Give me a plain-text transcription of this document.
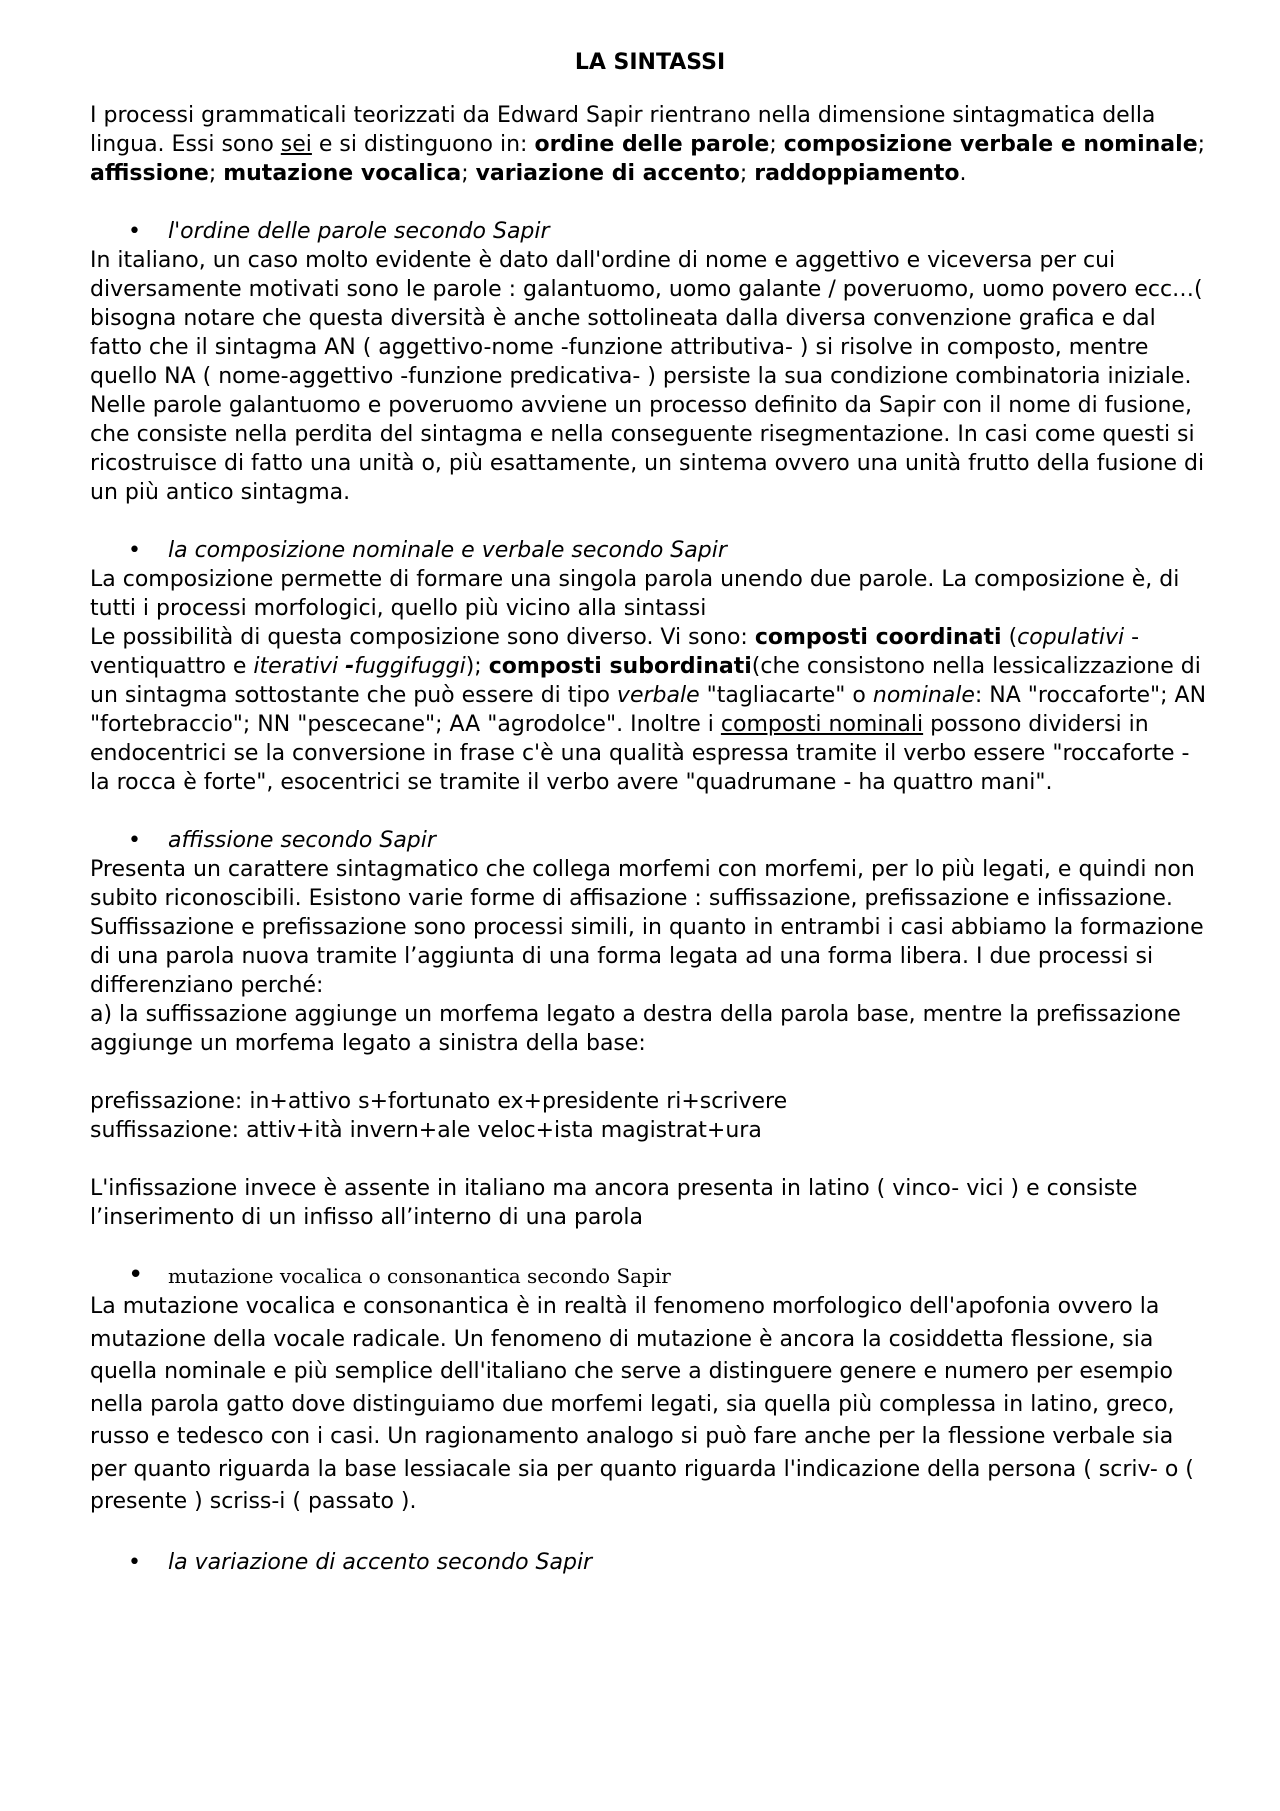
LA SINTASSI

I processi grammaticali teorizzati da Edward Sapir rientrano nella dimensione sintagmatica della lingua. Essi sono sei e si distinguono in: ordine delle parole; composizione verbale e nominale; affissione; mutazione vocalica; variazione di accento; raddoppiamento.

•	l'ordine delle parole secondo Sapir

In italiano, un caso molto evidente è dato dall'ordine di nome e aggettivo e viceversa per cui diversamente motivati sono le parole : galantuomo, uomo galante / poveruomo, uomo povero ecc…( bisogna notare che questa diversità è anche sottolineata dalla diversa convenzione grafica e dal fatto che il sintagma AN ( aggettivo-nome -funzione attributiva- ) si risolve in composto, mentre quello NA ( nome-aggettivo -funzione predicativa- ) persiste la sua condizione combinatoria iniziale. Nelle parole galantuomo e poveruomo avviene un processo definito da Sapir con il nome di fusione, che consiste nella perdita del sintagma e nella conseguente risegmentazione. In casi come questi si ricostruisce di fatto una unità o, più esattamente, un sintema ovvero una unità frutto della fusione di un più antico sintagma.

•	la composizione nominale e verbale secondo Sapir

La composizione permette di formare una singola parola unendo due parole. La composizione è, di tutti i processi morfologici, quello più vicino alla sintassi

Le possibilità di questa composizione sono diverso. Vi sono: composti coordinati (copulativi -ventiquattro e iterativi -fuggifuggi); composti subordinati(che consistono nella lessicalizzazione di un sintagma sottostante che può essere di tipo verbale "tagliacarte" o nominale: NA "roccaforte"; AN "fortebraccio"; NN "pescecane"; AA "agrodolce". Inoltre i composti nominali possono dividersi in endocentrici se la conversione in frase c'è una qualità espressa tramite il verbo essere "roccaforte - la rocca è forte", esocentrici se tramite il verbo avere "quadrumane - ha quattro mani".

•	affissione secondo Sapir

Presenta un carattere sintagmatico che collega morfemi con morfemi, per lo più legati, e quindi non subito riconoscibili. Esistono varie forme di affisazione : suffissazione, prefissazione e infissazione. Suffissazione e prefissazione sono processi simili, in quanto in entrambi i casi abbiamo la formazione di una parola nuova tramite l’aggiunta di una forma legata ad una forma libera. I due processi si differenziano perché:

a) la suffissazione aggiunge un morfema legato a destra della parola base, mentre la prefissazione aggiunge un morfema legato a sinistra della base:

prefissazione: in+attivo s+fortunato ex+presidente ri+scrivere

suffissazione: attiv+ità invern+ale veloc+ista magistrat+ura

L'infissazione invece è assente in italiano ma ancora presenta in latino ( vinco- vici ) e consiste l’inserimento di un infisso all’interno di una parola

•	mutazione vocalica o consonantica secondo Sapir

La mutazione vocalica e consonantica è in realtà il fenomeno morfologico dell'apofonia ovvero la mutazione della vocale radicale. Un fenomeno di mutazione è ancora la cosiddetta flessione, sia quella nominale e più semplice dell'italiano che serve a distinguere genere e numero per esempio nella parola gatto dove distinguiamo due morfemi legati, sia quella più complessa in latino, greco, russo e tedesco con i casi. Un ragionamento analogo si può fare anche per la flessione verbale sia per quanto riguarda la base lessiacale sia per quanto riguarda l'indicazione della persona ( scriv- o ( presente ) scriss-i ( passato ).

•	la variazione di accento secondo Sapir
